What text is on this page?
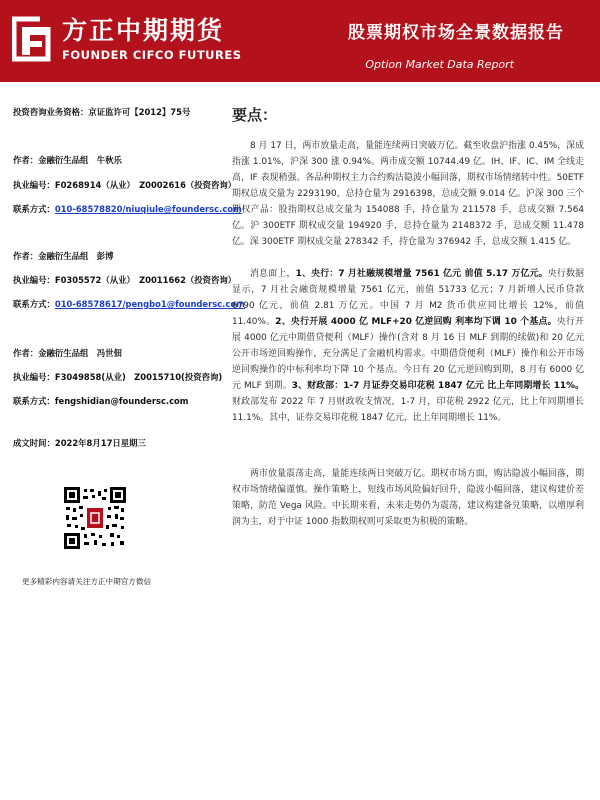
方正中期期货
FOUNDER CIFCO FUTURES
股票期权市场全景数据报告
Option Market Data Report
投资咨询业务资格：京证监许可【2012】75号
作者：金融衍生品组　牛秋乐
执业编号：F0268914（从业）　Z0002616（投资咨询）
联系方式：010-68578820/niuqiule@foundersc.com
作者：金融衍生品组　彭博
执业编号：F0305572（从业）　Z0011662（投资咨询）
联系方式：010-68578617/pengbo1@foundersc.com
作者：金融衍生品组　冯世佃
执业编号：F3049858(从业)　Z0015710(投资咨询)
联系方式：fengshidian@foundersc.com
成文时间：2022年8月17日星期三
更多精彩内容请关注方正中期官方微信
要点：
8 月 17 日，两市放量走高，量能连续两日突破万亿。截至收盘沪指涨 0.45%，深成指涨 1.01%，沪深 300 涨 0.94%。两市成交额 10744.49 亿。IH、IF、IC、IM 全线走高，IF 表现稍强。各品种期权主力合约购沽隐波小幅回落，期权市场情绪转中性。50ETF 期权总成交量为 2293190，总持仓量为 2916398，总成交额 9.014 亿。沪深 300 三个期权产品：股指期权总成交量为 154088 手，持仓量为 211578 手，总成交额 7.564 亿。沪 300ETF 期权成交量 194920 手，总持仓量为 2148372 手，总成交额 11.478 亿。深 300ETF 期权成交量 278342 手，持仓量为 376942 手，总成交额 1.415 亿。
消息面上，1、央行：7 月社融规模增量 7561 亿元 前值 5.17 万亿元。央行数据显示，7 月社会融资规模增量 7561 亿元，前值 51733 亿元；7 月新增人民币贷款 6790 亿元，前值 2.81 万亿元。中国 7 月 M2 货币供应同比增长 12%，前值 11.40%。2、央行开展 4000 亿 MLF+20 亿逆回购 利率均下调 10 个基点。央行开展 4000 亿元中期借贷便利（MLF）操作(含对 8 月 16 日 MLF 到期的续做)和 20 亿元公开市场逆回购操作，充分满足了金融机构需求。中期借贷便利（MLF）操作和公开市场逆回购操作的中标利率均下降 10 个基点。今日有 20 亿元逆回购到期，8 月有 6000 亿元 MLF 到期。3、财政部：1-7 月证券交易印花税 1847 亿元 比上年同期增长 11%。财政部发布 2022 年 7 月财政收支情况，1-7 月，印花税 2922 亿元，比上年同期增长 11.1%。其中，证券交易印花税 1847 亿元，比上年同期增长 11%。
两市放量震荡走高，量能连续两日突破万亿。期权市场方面，购沽隐波小幅回落，期权市场情绪偏谨慎。操作策略上，短线市场风险偏好回升，隐波小幅回落，建议构建价差策略，防范 Vega 风险。中长期来看，未来走势仍为震荡，建议构建备兑策略，以增厚利润为主，对于中证 1000 指数期权则可采取更为积极的策略。
